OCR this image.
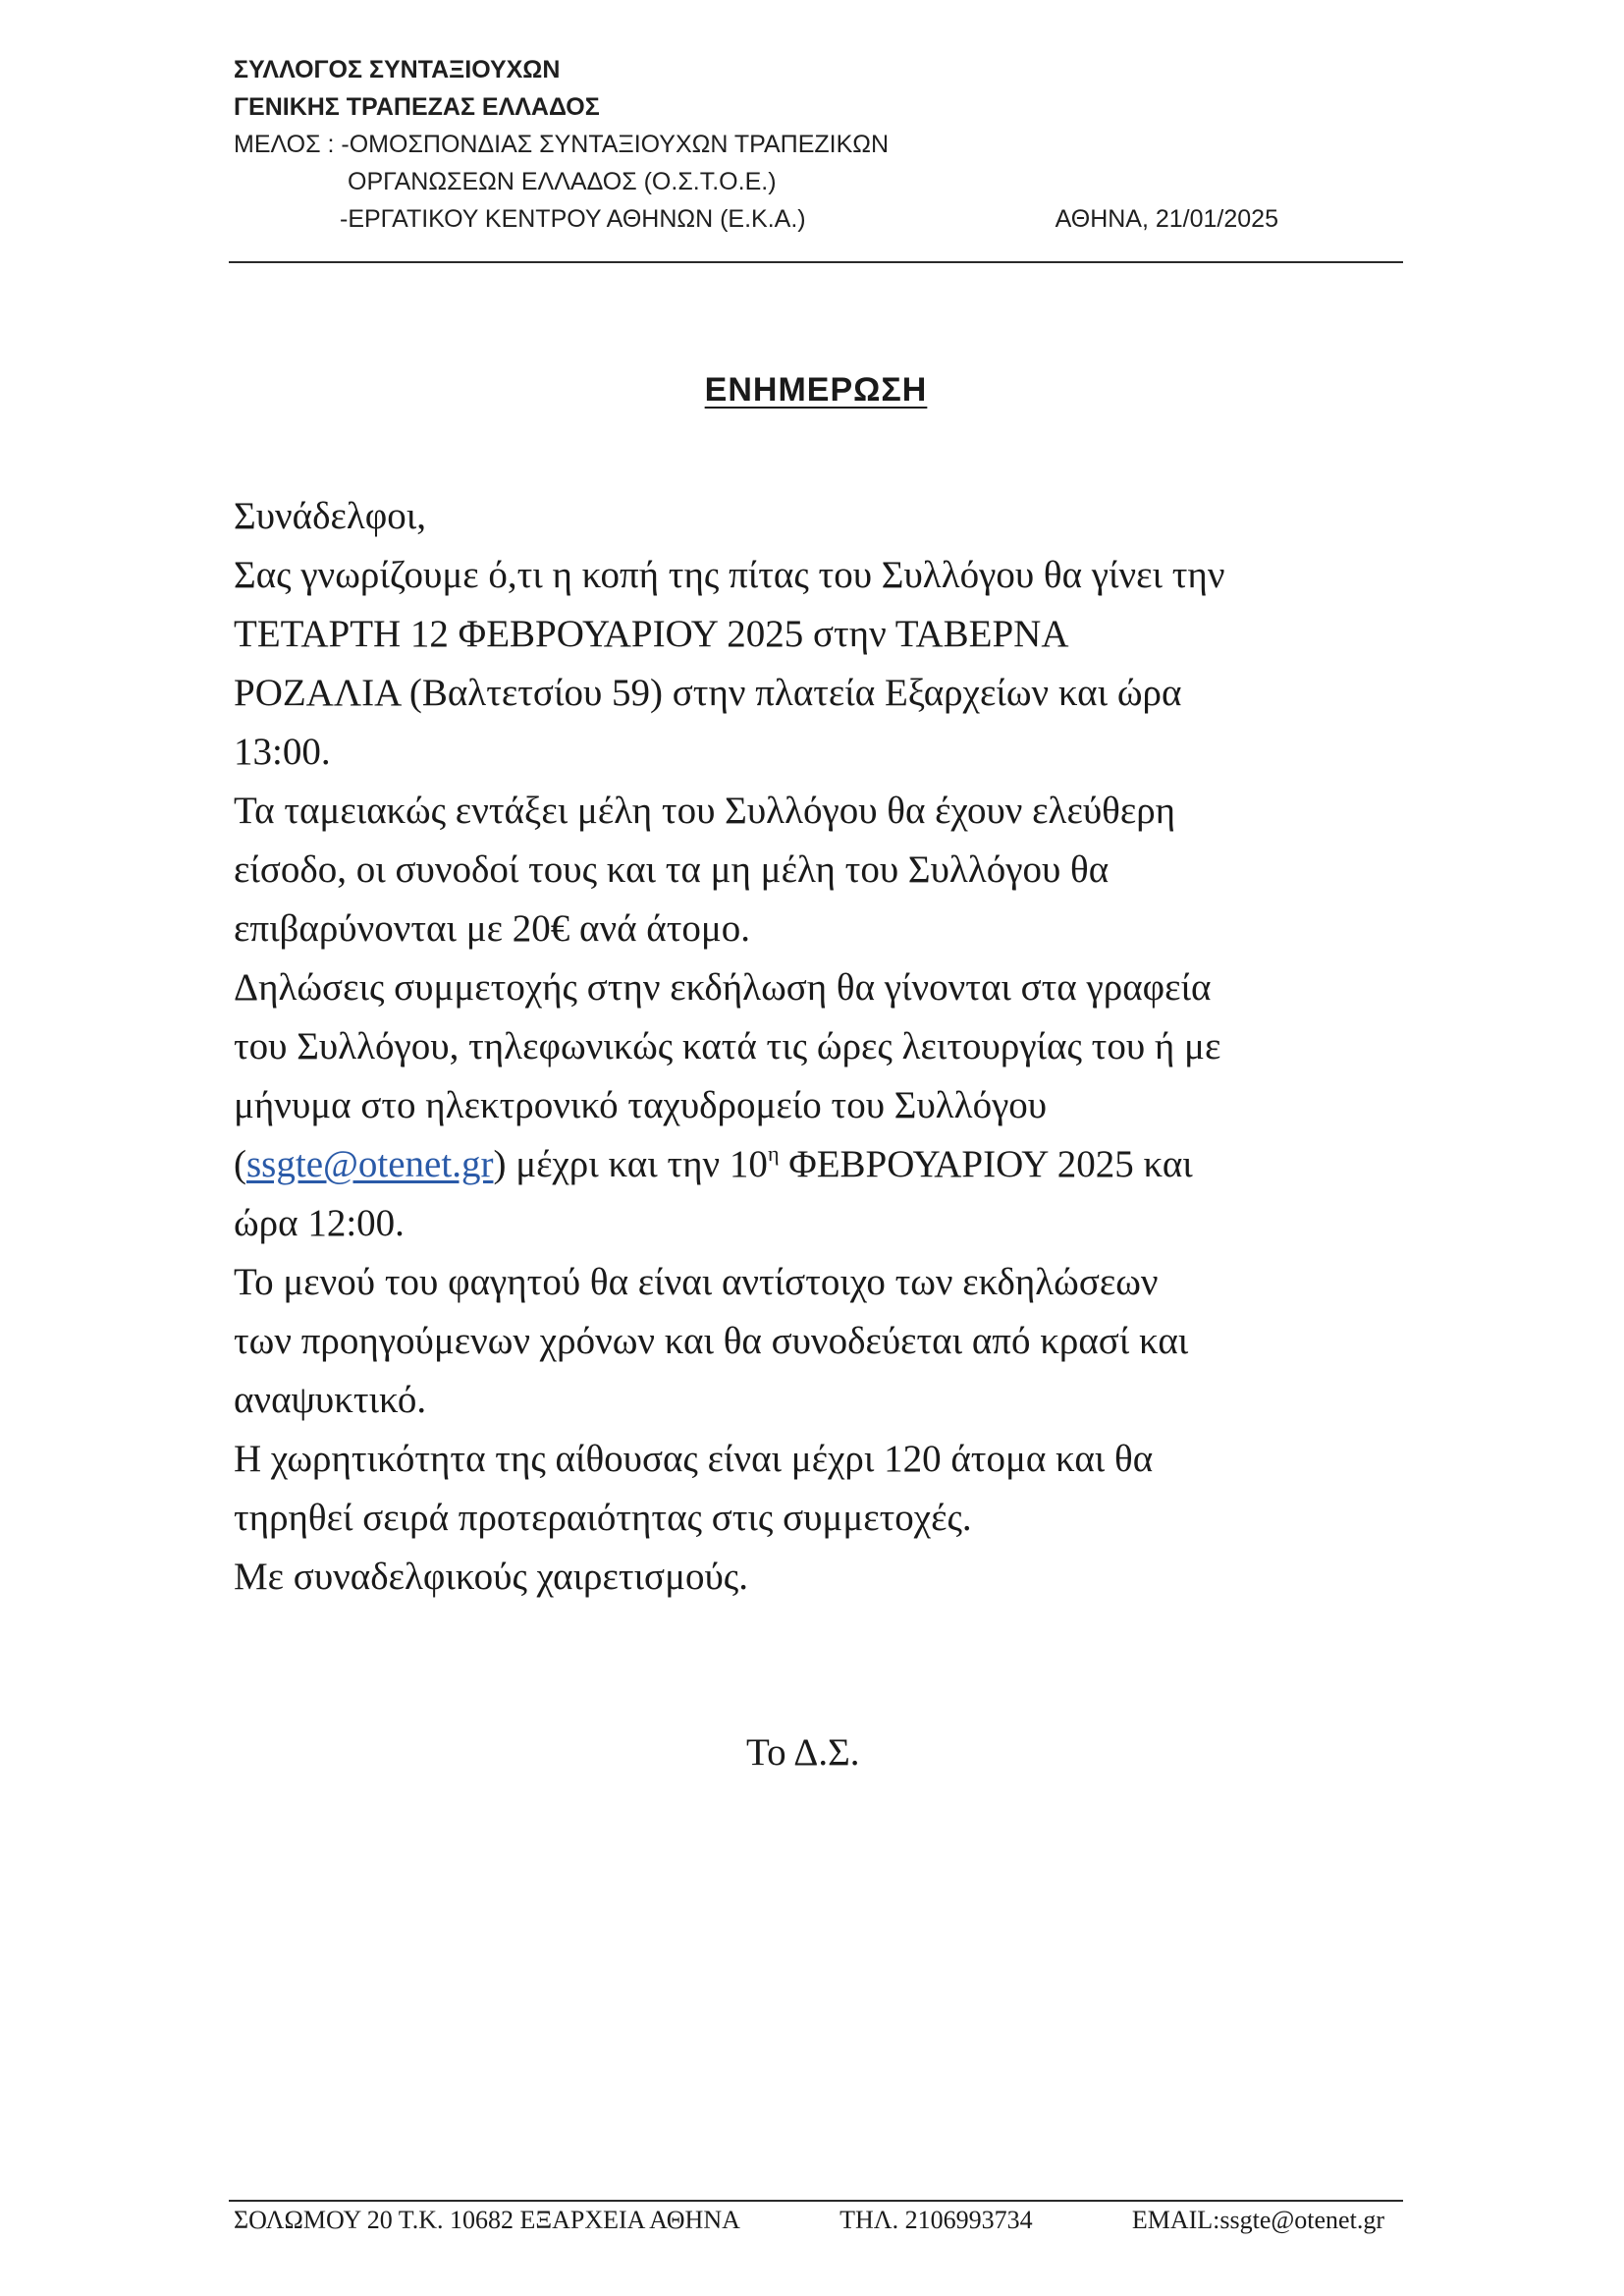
ΣΥΛΛΟΓΟΣ ΣΥΝΤΑΞΙΟΥΧΩΝ
ΓΕΝΙΚΗΣ ΤΡΑΠΕΖΑΣ ΕΛΛΑΔΟΣ
ΜΕΛΟΣ : -ΟΜΟΣΠΟΝΔΙΑΣ ΣΥΝΤΑΞΙΟΥΧΩΝ ΤΡΑΠΕΖΙΚΩΝ
ΟΡΓΑΝΩΣΕΩΝ ΕΛΛΑΔΟΣ (Ο.Σ.Τ.Ο.Ε.)
-ΕΡΓΑΤΙΚΟΥ ΚΕΝΤΡΟΥ ΑΘΗΝΩΝ (Ε.Κ.Α.)	ΑΘΗΝΑ, 21/01/2025
ΕΝΗΜΕΡΩΣΗ

Συνάδελφοι,

Σας γνωρίζουμε ό,τι η κοπή της πίτας του Συλλόγου θα γίνει την

ΤΕΤΑΡΤΗ 12 ΦΕΒΡΟΥΑΡΙΟΥ 2025 στην ΤΑΒΕΡΝΑ

ΡΟΖΑΛΙΑ (Βαλτετσίου 59) στην πλατεία Εξαρχείων και ώρα

13:00.

Τα ταμειακώς εντάξει μέλη του Συλλόγου θα έχουν ελεύθερη

είσοδο, οι συνοδοί τους και τα μη μέλη του Συλλόγου θα

επιβαρύνονται με 20€ ανά άτομο.

Δηλώσεις συμμετοχής στην εκδήλωση θα γίνονται στα γραφεία

του Συλλόγου, τηλεφωνικώς κατά τις ώρες λειτουργίας του ή με

μήνυμα στο ηλεκτρονικό ταχυδρομείο του Συλλόγου

(ssgte@otenet.gr) μέχρι και την $10^\eta$ ΦΕΒΡΟΥΑΡΙΟΥ 2025 και

ώρα 12:00.

Το μενού του φαγητού θα είναι αντίστοιχο των εκδηλώσεων

των προηγούμενων χρόνων και θα συνοδεύεται από κρασί και

αναψυκτικό.

Η χωρητικότητα της αίθουσας είναι μέχρι 120 άτομα και θα

τηρηθεί σειρά προτεραιότητας στις συμμετοχές.

Με συναδελφικούς χαιρετισμούς.

Το Δ.Σ.
ΣΟΛΩΜΟΥ 20 Τ.Κ. 10682 ΕΞΑΡΧΕΙΑ ΑΘΗΝΑ	ΤΗΛ. 2106993734	EMAIL:ssgte@otenet.gr
